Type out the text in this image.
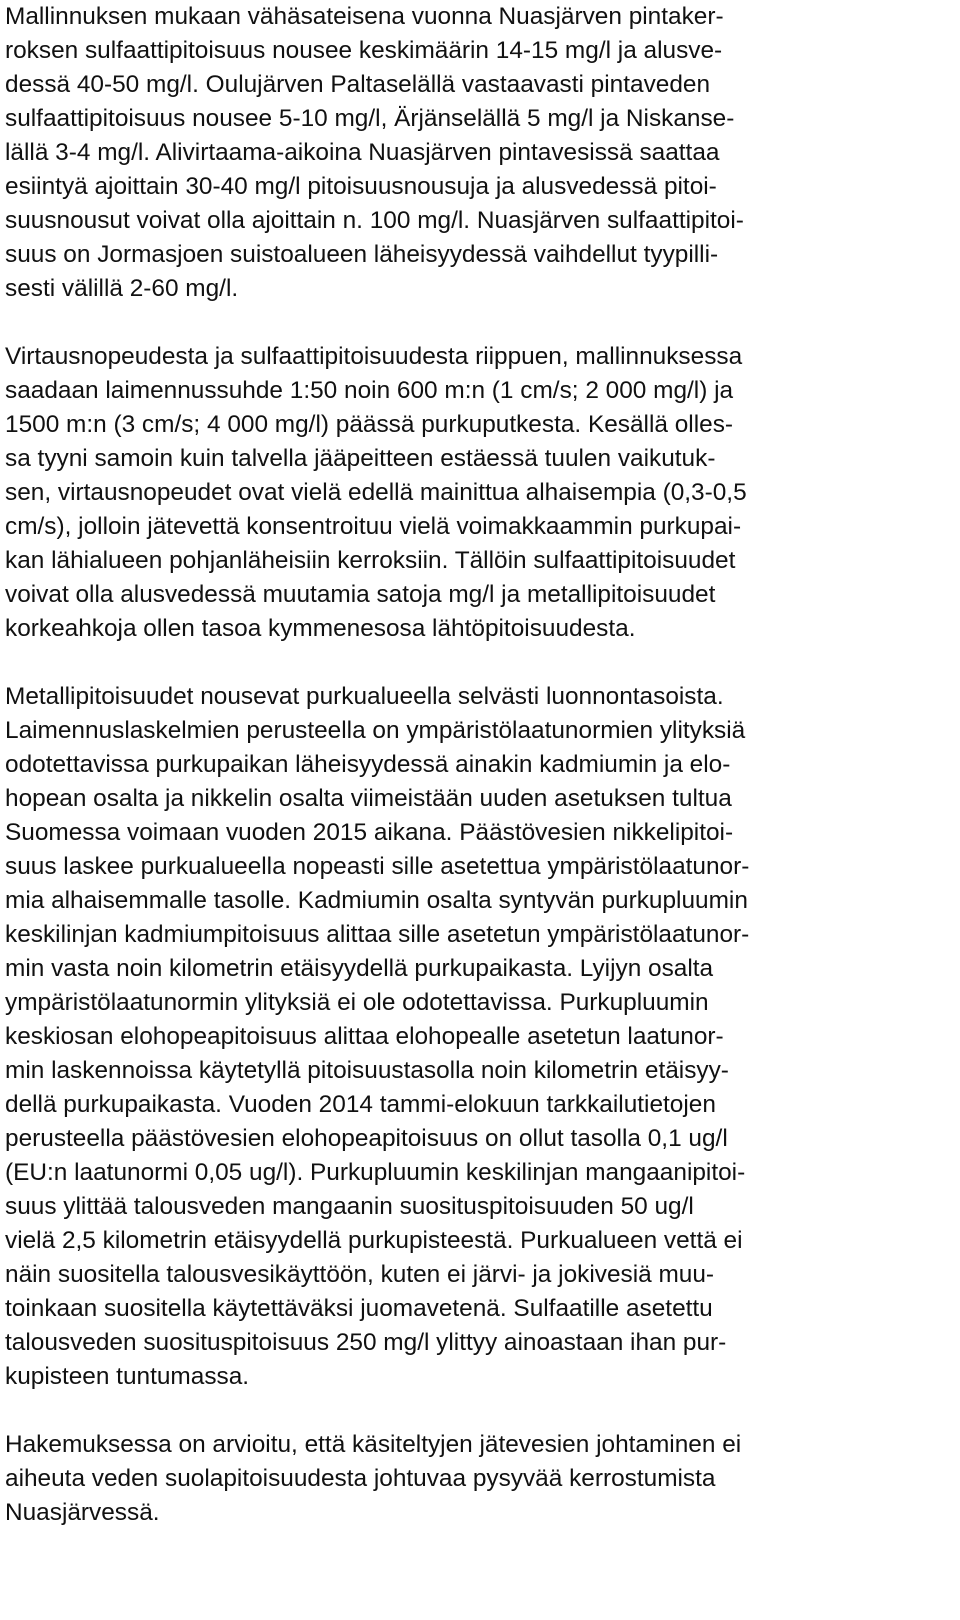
Mallinnuksen mukaan vähäsateisena vuonna Nuasjärven pintaker-
roksen sulfaattipitoisuus nousee keskimäärin 14-15 mg/l ja alusve-
dessä 40-50 mg/l. Oulujärven Paltaselällä vastaavasti pintaveden
sulfaattipitoisuus nousee 5-10 mg/l, Ärjänselällä 5 mg/l ja Niskanse-
lällä 3-4 mg/l. Alivirtaama-aikoina Nuasjärven pintavesissä saattaa
esiintyä ajoittain 30-40 mg/l pitoisuusnousuja ja alusvedessä pitoi-
suusnousut voivat olla ajoittain n. 100 mg/l. Nuasjärven sulfaattipitoi-
suus on Jormasjoen suistoalueen läheisyydessä vaihdellut tyypilli-
sesti välillä 2-60 mg/l.
Virtausnopeudesta ja sulfaattipitoisuudesta riippuen, mallinnuksessa
saadaan laimennussuhde 1:50 noin 600 m:n (1 cm/s; 2 000 mg/l) ja
1500 m:n (3 cm/s; 4 000 mg/l) päässä purkuputkesta. Kesällä olles-
sa tyyni samoin kuin talvella jääpeitteen estäessä tuulen vaikutuk-
sen, virtausnopeudet ovat vielä edellä mainittua alhaisempia (0,3-0,5
cm/s), jolloin jätevettä konsentroituu vielä voimakkaammin purkupai-
kan lähialueen pohjanläheisiin kerroksiin. Tällöin sulfaattipitoisuudet
voivat olla alusvedessä muutamia satoja mg/l ja metallipitoisuudet
korkeahkoja ollen tasoa kymmenesosa lähtöpitoisuudesta.
Metallipitoisuudet nousevat purkualueella selvästi luonnontasoista.
Laimennuslaskelmien perusteella on ympäristölaatunormien ylityksiä
odotettavissa purkupaikan läheisyydessä ainakin kadmiumin ja elo-
hopean osalta ja nikkelin osalta viimeistään uuden asetuksen tultua
Suomessa voimaan vuoden 2015 aikana. Päästövesien nikkelipitoi-
suus laskee purkualueella nopeasti sille asetettua ympäristölaatunor-
mia alhaisemmalle tasolle. Kadmiumin osalta syntyvän purkupluumin
keskilinjan kadmiumpitoisuus alittaa sille asetetun ympäristölaatunor-
min vasta noin kilometrin etäisyydellä purkupaikasta. Lyijyn osalta
ympäristölaatunormin ylityksiä ei ole odotettavissa. Purkupluumin
keskiosan elohopeapitoisuus alittaa elohopealle asetetun laatunor-
min laskennoissa käytetyllä pitoisuustasolla noin kilometrin etäisyy-
dellä purkupaikasta. Vuoden 2014 tammi-elokuun tarkkailutietojen
perusteella päästövesien elohopeapitoisuus on ollut tasolla 0,1 ug/l
(EU:n laatunormi 0,05 ug/l). Purkupluumin keskilinjan mangaanipitoi-
suus ylittää talousveden mangaanin suosituspitoisuuden 50 ug/l
vielä 2,5 kilometrin etäisyydellä purkupisteestä. Purkualueen vettä ei
näin suositella talousvesikäyttöön, kuten ei järvi- ja jokivesiä muu-
toinkaan suositella käytettäväksi juomavetenä. Sulfaatille asetettu
talousveden suosituspitoisuus 250 mg/l ylittyy ainoastaan ihan pur-
kupisteen tuntumassa.
Hakemuksessa on arvioitu, että käsiteltyjen jätevesien johtaminen ei
aiheuta veden suolapitoisuudesta johtuvaa pysyvää kerrostumista
Nuasjärvessä.
